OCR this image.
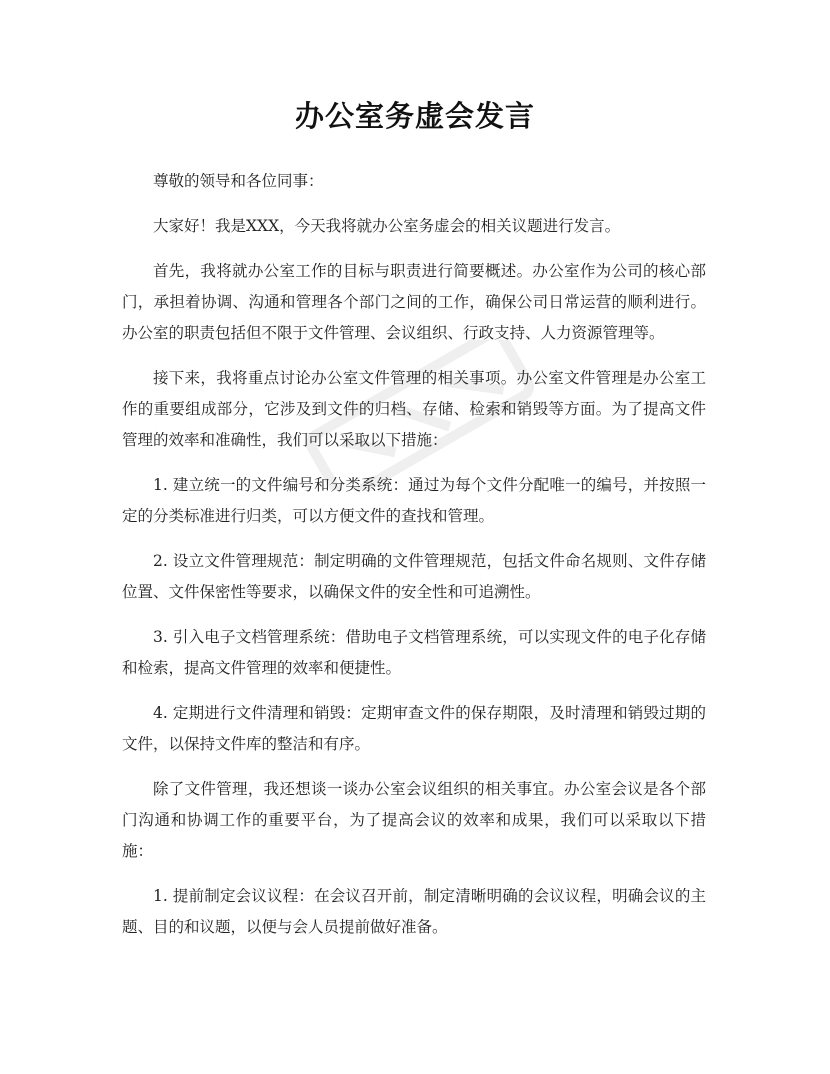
办公室务虚会发言

尊敬的领导和各位同事：

大家好！我是XXX，今天我将就办公室务虚会的相关议题进行发言。

首先，我将就办公室工作的目标与职责进行简要概述。办公室作为公司的核心部门，承担着协调、沟通和管理各个部门之间的工作，确保公司日常运营的顺利进行。办公室的职责包括但不限于文件管理、会议组织、行政支持、人力资源管理等。

接下来，我将重点讨论办公室文件管理的相关事项。办公室文件管理是办公室工作的重要组成部分，它涉及到文件的归档、存储、检索和销毁等方面。为了提高文件管理的效率和准确性，我们可以采取以下措施：

1. 建立统一的文件编号和分类系统：通过为每个文件分配唯一的编号，并按照一定的分类标准进行归类，可以方便文件的查找和管理。

2. 设立文件管理规范：制定明确的文件管理规范，包括文件命名规则、文件存储位置、文件保密性等要求，以确保文件的安全性和可追溯性。

3. 引入电子文档管理系统：借助电子文档管理系统，可以实现文件的电子化存储和检索，提高文件管理的效率和便捷性。

4. 定期进行文件清理和销毁：定期审查文件的保存期限，及时清理和销毁过期的文件，以保持文件库的整洁和有序。

除了文件管理，我还想谈一谈办公室会议组织的相关事宜。办公室会议是各个部门沟通和协调工作的重要平台，为了提高会议的效率和成果，我们可以采取以下措施：

1. 提前制定会议议程：在会议召开前，制定清晰明确的会议议程，明确会议的主题、目的和议题，以便与会人员提前做好准备。
